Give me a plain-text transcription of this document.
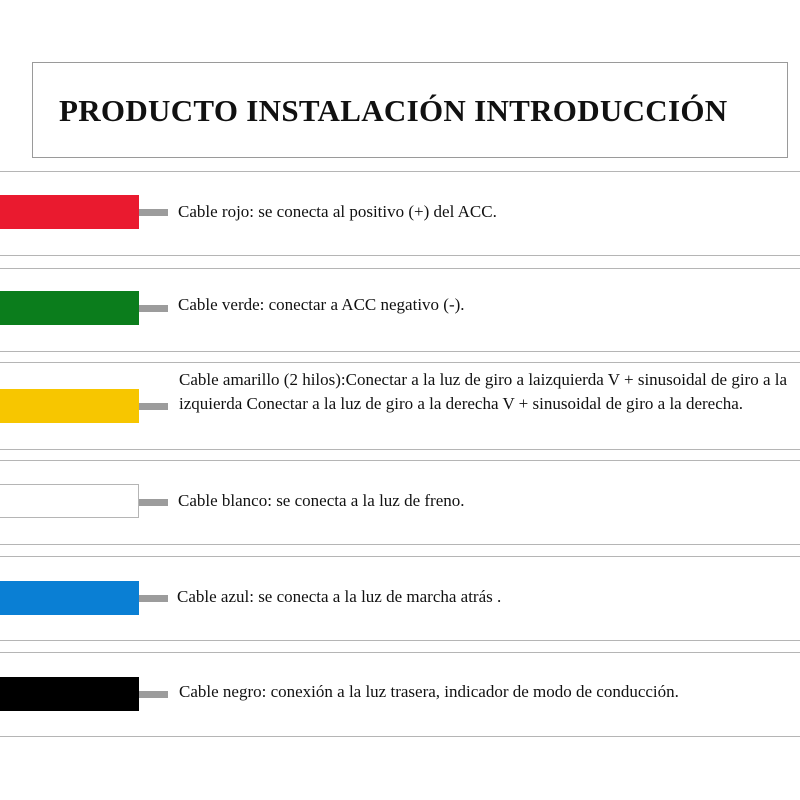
PRODUCTO INSTALACIÓN INTRODUCCIÓN
Cable rojo: se conecta al positivo (+) del ACC.
Cable verde: conectar a ACC negativo (-).
Cable amarillo (2 hilos):Conectar a la luz de giro a laizquierda V + sinusoidal de giro a la izquierda Conectar a la luz de giro a la derecha V + sinusoidal de giro a la derecha.
Cable blanco: se conecta a la luz de freno.
Cable azul: se conecta a la luz de marcha atrás .
Cable negro: conexión a la luz trasera, indicador de modo de conducción.
